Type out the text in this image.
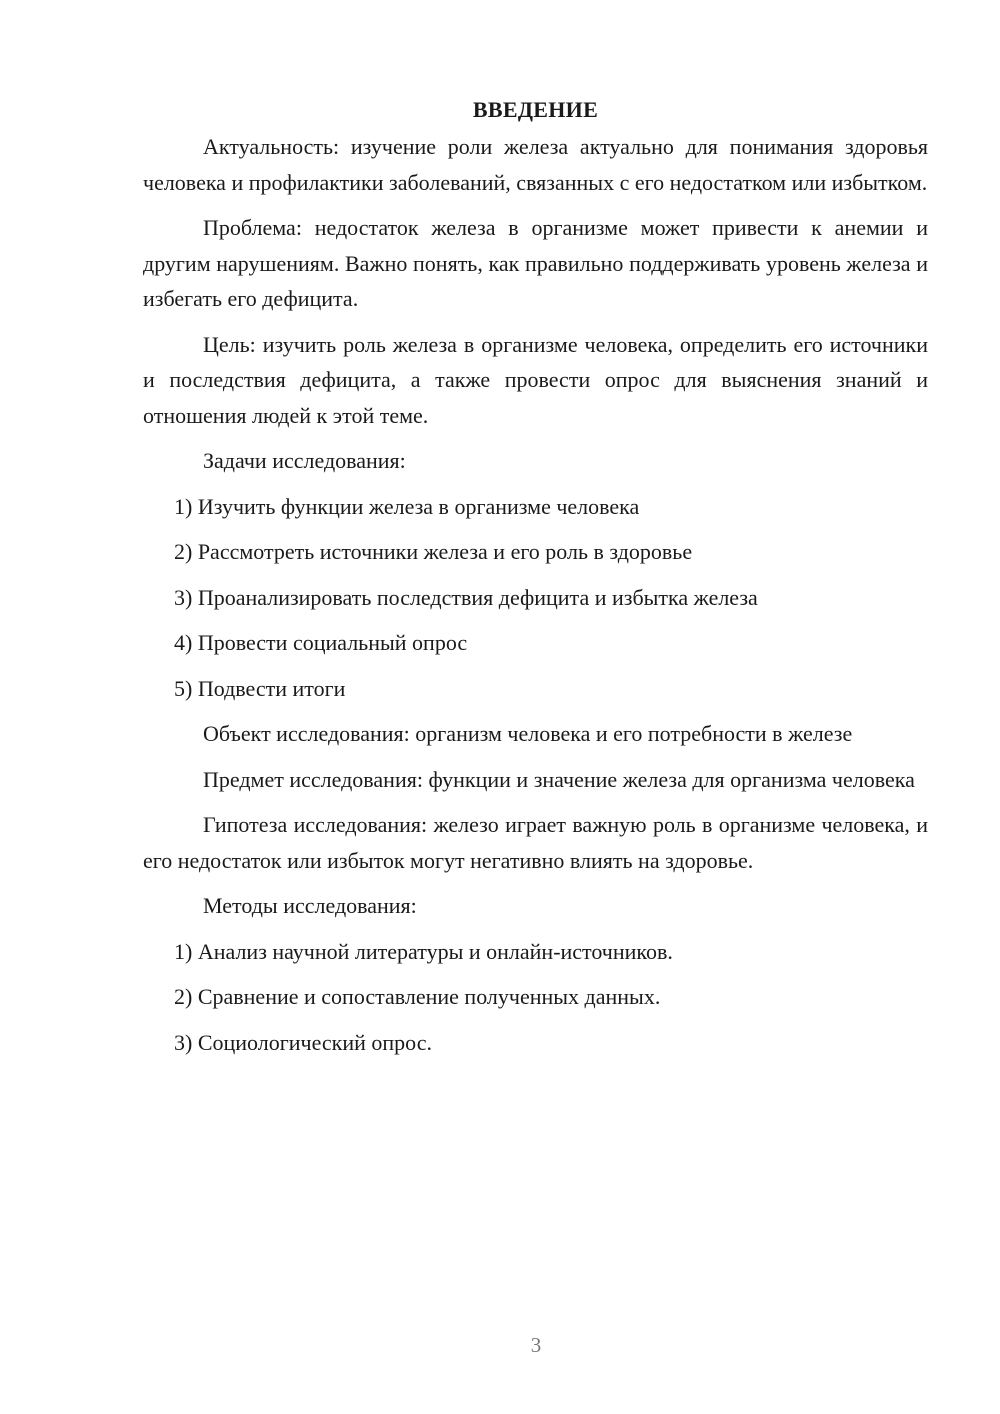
ВВЕДЕНИЕ

Актуальность: изучение роли железа актуально для понимания здоровья человека и профилактики заболеваний, связанных с его недостатком или избытком.

Проблема: недостаток железа в организме может привести к анемии и другим нарушениям. Важно понять, как правильно поддерживать уровень железа и избегать его дефицита.

Цель: изучить роль железа в организме человека, определить его источники и последствия дефицита, а также провести опрос для выяснения знаний и отношения людей к этой теме.

Задачи исследования:

1) Изучить функции железа в организме человека
2) Рассмотреть источники железа и его роль в здоровье
3) Проанализировать последствия дефицита и избытка железа
4) Провести социальный опрос
5) Подвести итоги

Объект исследования: организм человека и его потребности в железе

Предмет исследования: функции и значение железа для организма человека

Гипотеза исследования: железо играет важную роль в организме человека, и его недостаток или избыток могут негативно влиять на здоровье.

Методы исследования:

1) Анализ научной литературы и онлайн-источников.
2) Сравнение и сопоставление полученных данных.
3) Социологический опрос.
3
